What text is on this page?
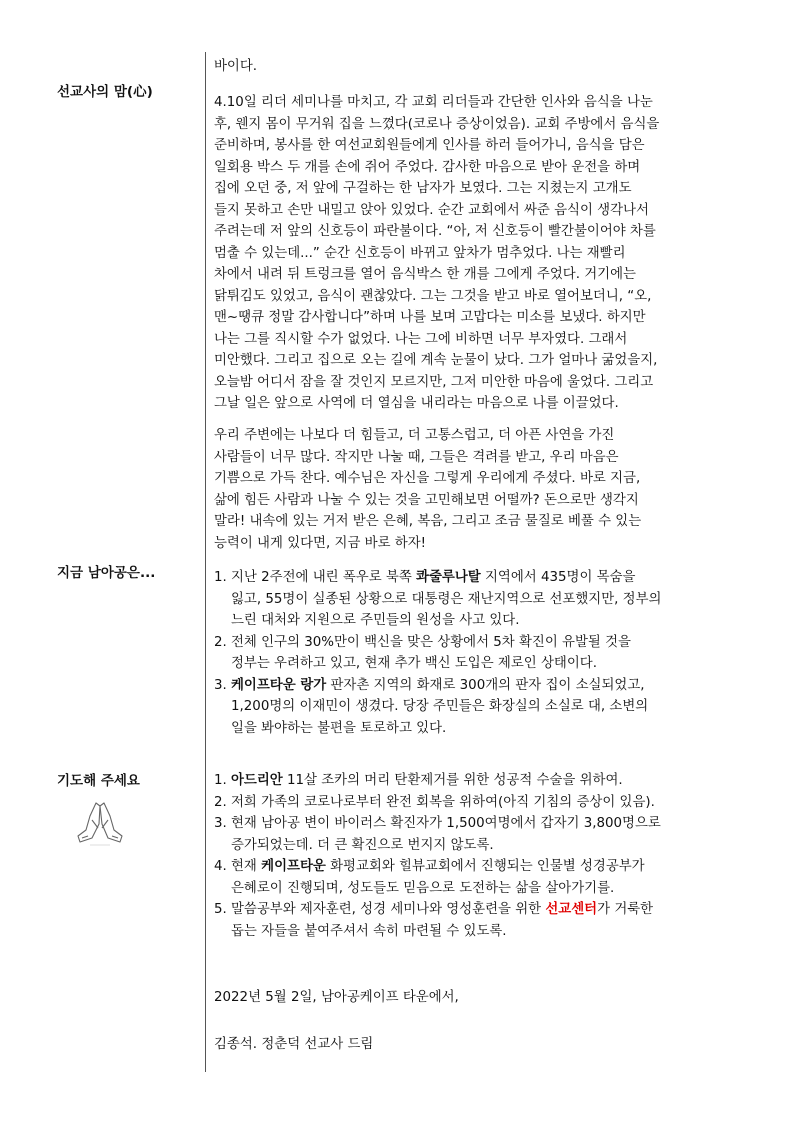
선교사의 맘(心)
지금 남아공은...
기도해 주세요
바이다.

4.10일 리더 세미나를 마치고, 각 교회 리더들과 간단한 인사와 음식을 나눈

후, 웬지 몸이 무거워 집을 느꼈다(코로나 증상이었음). 교회 주방에서 음식을

준비하며, 봉사를 한 여선교회원들에게 인사를 하러 들어가니, 음식을 담은

일회용 박스 두 개를 손에 쥐어 주었다. 감사한 마음으로 받아 운전을 하며

집에 오던 중, 저 앞에 구걸하는 한 남자가 보였다. 그는 지쳤는지 고개도

들지 못하고 손만 내밀고 앉아 있었다. 순간 교회에서 싸준 음식이 생각나서

주려는데 저 앞의 신호등이 파란불이다. “아, 저 신호등이 빨간불이어야 차를

멈출 수 있는데...” 순간 신호등이 바뀌고 앞차가 멈추었다. 나는 재빨리

차에서 내려 뒤 트렁크를 열어 음식박스 한 개를 그에게 주었다. 거기에는

닭튀김도 있었고, 음식이 괜찮았다. 그는 그것을 받고 바로 열어보더니, “오,

맨~땡큐 정말 감사합니다”하며 나를 보며 고맙다는 미소를 보냈다. 하지만

나는 그를 직시할 수가 없었다. 나는 그에 비하면 너무 부자였다. 그래서

미안했다. 그리고 집으로 오는 길에 계속 눈물이 났다. 그가 얼마나 굶었을지,

오늘밤 어디서 잠을 잘 것인지 모르지만, 그저 미안한 마음에 울었다. 그리고

그날 일은 앞으로 사역에 더 열심을 내리라는 마음으로 나를 이끌었다.

우리 주변에는 나보다 더 힘들고, 더 고통스럽고, 더 아픈 사연을 가진

사람들이 너무 많다. 작지만 나눌 때, 그들은 격려를 받고, 우리 마음은

기쁨으로 가득 찬다. 예수님은 자신을 그렇게 우리에게 주셨다. 바로 지금,

삶에 힘든 사람과 나눌 수 있는 것을 고민해보면 어떨까? 돈으로만 생각지

말라! 내속에 있는 거저 받은 은혜, 복음, 그리고 조금 물질로 베풀 수 있는

능력이 내게 있다면, 지금 바로 하자!

1. 지난 2주전에 내린 폭우로 북쪽 콰줄루나탈 지역에서 435명이 목숨을
잃고, 55명이 실종된 상황으로 대통령은 재난지역으로 선포했지만, 정부의
느린 대처와 지원으로 주민들의 원성을 사고 있다.
2. 전체 인구의 30%만이 백신을 맞은 상황에서 5차 확진이 유발될 것을
정부는 우려하고 있고, 현재 추가 백신 도입은 제로인 상태이다.
3. 케이프타운 랑가 판자촌 지역의 화재로 300개의 판자 집이 소실되었고,
1,200명의 이재민이 생겼다. 당장 주민들은 화장실의 소실로 대, 소변의
일을 봐야하는 불편을 토로하고 있다.
1. 아드리안 11살 조카의 머리 탄환제거를 위한 성공적 수술을 위하여.
2. 저희 가족의 코로나로부터 완전 회복을 위하여(아직 기침의 증상이 있음).
3. 현재 남아공 변이 바이러스 확진자가 1,500여명에서 갑자기 3,800명으로
증가되었는데. 더 큰 확진으로 번지지 않도록.
4. 현재 케이프타운 화평교회와 힐뷰교회에서 진행되는 인물별 성경공부가
은혜로이 진행되며, 성도들도 믿음으로 도전하는 삶을 살아가기를.
5. 말씀공부와 제자훈련, 성경 세미나와 영성훈련을 위한 선교센터가 거룩한
돕는 자들을 붙여주셔서 속히 마련될 수 있도록.
2022년 5월 2일, 남아공케이프 타운에서,
김종석. 정춘덕 선교사 드림
